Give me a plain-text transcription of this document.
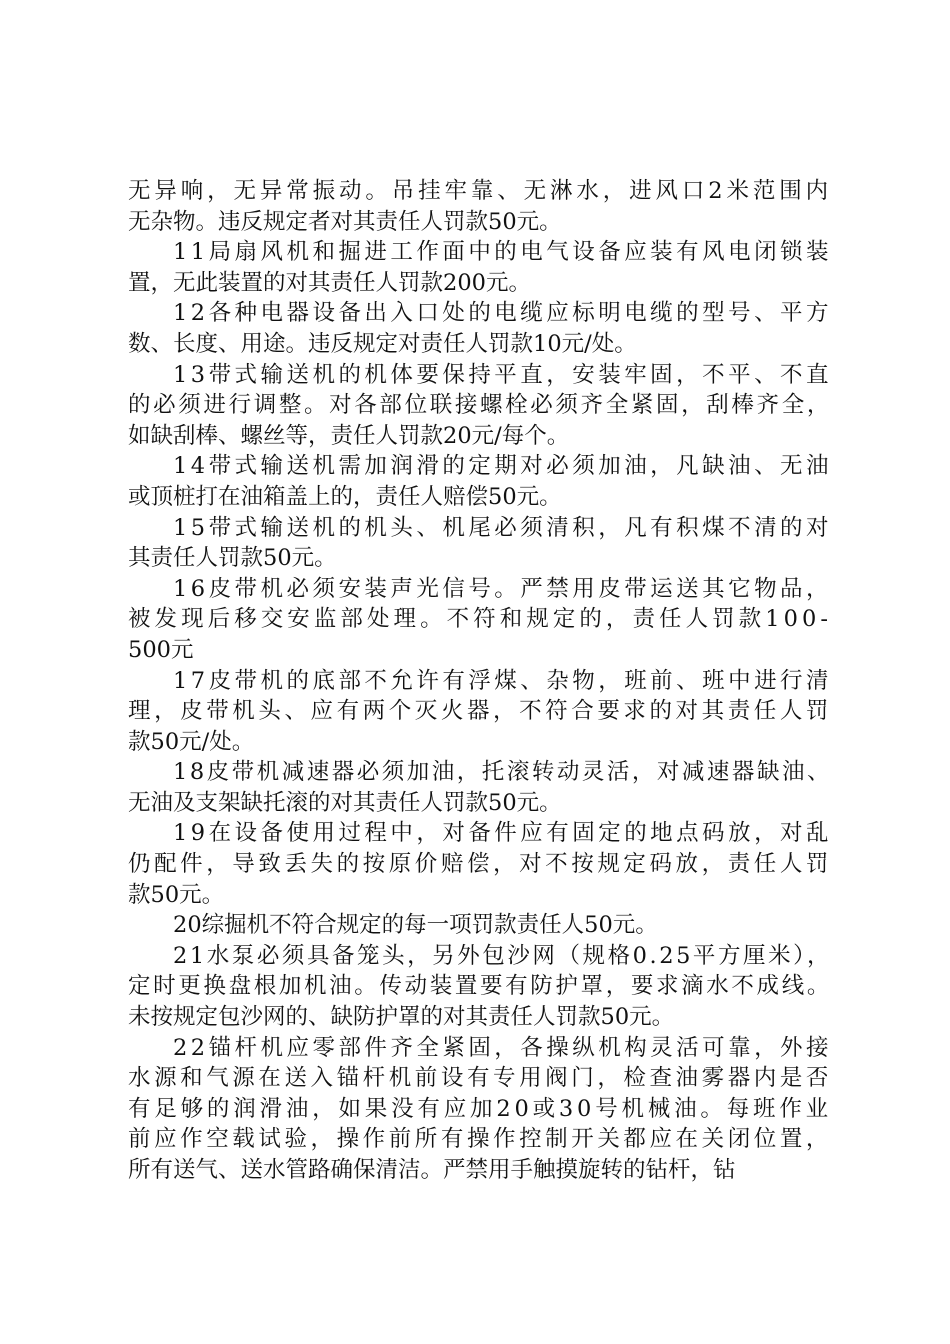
无异响，无异常振动。吊挂牢靠、无淋水，进风口2米范围内
无杂物。违反规定者对其责任人罚款50元。
11局扇风机和掘进工作面中的电气设备应装有风电闭锁装
置，无此装置的对其责任人罚款200元。
12各种电器设备出入口处的电缆应标明电缆的型号、平方
数、长度、用途。违反规定对责任人罚款10元/处。
13带式输送机的机体要保持平直，安装牢固，不平、不直
的必须进行调整。对各部位联接螺栓必须齐全紧固，刮棒齐全，
如缺刮棒、螺丝等，责任人罚款20元/每个。
14带式输送机需加润滑的定期对必须加油，凡缺油、无油
或顶桩打在油箱盖上的，责任人赔偿50元。
15带式输送机的机头、机尾必须清积，凡有积煤不清的对
其责任人罚款50元。
16皮带机必须安装声光信号。严禁用皮带运送其它物品，
被发现后移交安监部处理。不符和规定的，责任人罚款100-
500元
17皮带机的底部不允许有浮煤、杂物，班前、班中进行清
理，皮带机头、应有两个灭火器，不符合要求的对其责任人罚
款50元/处。
18皮带机减速器必须加油，托滚转动灵活，对减速器缺油、
无油及支架缺托滚的对其责任人罚款50元。
19在设备使用过程中，对备件应有固定的地点码放，对乱
仍配件，导致丢失的按原价赔偿，对不按规定码放，责任人罚
款50元。
20综掘机不符合规定的每一项罚款责任人50元。
21水泵必须具备笼头，另外包沙网（规格0.25平方厘米），
定时更换盘根加机油。传动装置要有防护罩，要求滴水不成线。
未按规定包沙网的、缺防护罩的对其责任人罚款50元。
22锚杆机应零部件齐全紧固，各操纵机构灵活可靠，外接
水源和气源在送入锚杆机前设有专用阀门，检查油雾器内是否
有足够的润滑油，如果没有应加20或30号机械油。每班作业
前应作空载试验，操作前所有操作控制开关都应在关闭位置，
所有送气、送水管路确保清洁。严禁用手触摸旋转的钻杆，钻
